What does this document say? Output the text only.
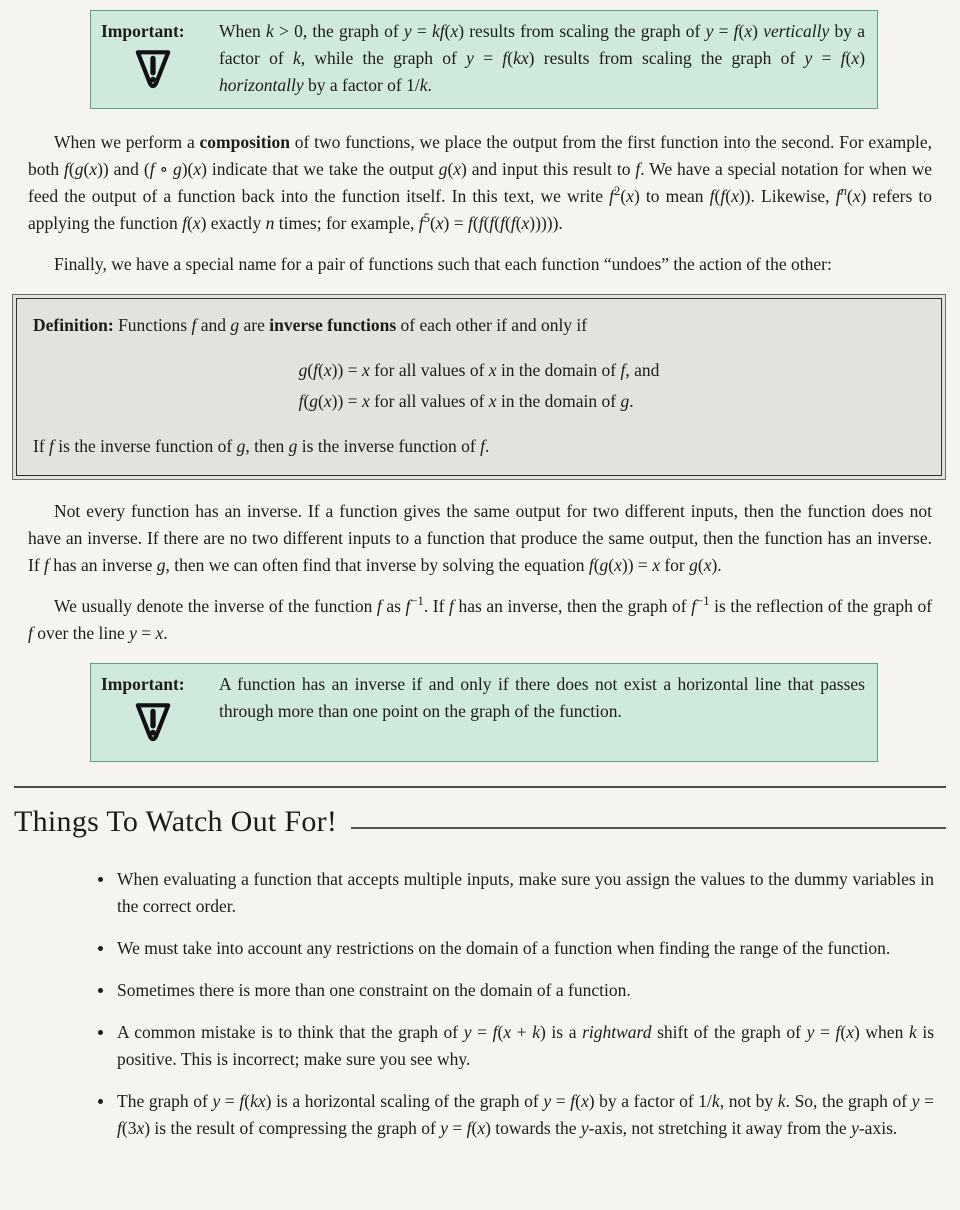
Important:	When k > 0, the graph of y = kf(x) results from scaling the graph of y = f(x) vertically by a factor of k, while the graph of y = f(kx) results from scaling the graph of y = f(x) horizontally by a factor of 1/k.

When we perform a composition of two functions, we place the output from the first function into the second. For example, both f(g(x)) and (f ∘ g)(x) indicate that we take the output g(x) and input this result to f. We have a special notation for when we feed the output of a function back into the function itself. In this text, we write $f^2(x)$ to mean f(f(x)). Likewise, $f^n(x)$ refers to applying the function f(x) exactly n times; for example, $f^5(x) = f(f(f(f(f(x)))))$.

Finally, we have a special name for a pair of functions such that each function “undoes” the action of the other:

Definition: Functions f and g are inverse functions of each other if and only if
g(f(x)) = x for all values of x in the domain of f, and
f(g(x)) = x for all values of x in the domain of g.
If f is the inverse function of g, then g is the inverse function of f.

Not every function has an inverse. If a function gives the same output for two different inputs, then the function does not have an inverse. If there are no two different inputs to a function that produce the same output, then the function has an inverse. If f has an inverse g, then we can often find that inverse by solving the equation f(g(x)) = x for g(x).

We usually denote the inverse of the function f as $f^{-1}$. If f has an inverse, then the graph of $f^{-1}$ is the reflection of the graph of f over the line y = x.

Important:	A function has an inverse if and only if there does not exist a horizontal line that passes through more than one point on the graph of the function.
Things To Watch Out For!
• When evaluating a function that accepts multiple inputs, make sure you assign the values to the dummy variables in the correct order.
• We must take into account any restrictions on the domain of a function when finding the range of the function.
• Sometimes there is more than one constraint on the domain of a function.
• A common mistake is to think that the graph of y = f(x + k) is a rightward shift of the graph of y = f(x) when k is positive. This is incorrect; make sure you see why.
• The graph of y = f(kx) is a horizontal scaling of the graph of y = f(x) by a factor of 1/k, not by k. So, the graph of y = f(3x) is the result of compressing the graph of y = f(x) towards the y-axis, not stretching it away from the y-axis.
